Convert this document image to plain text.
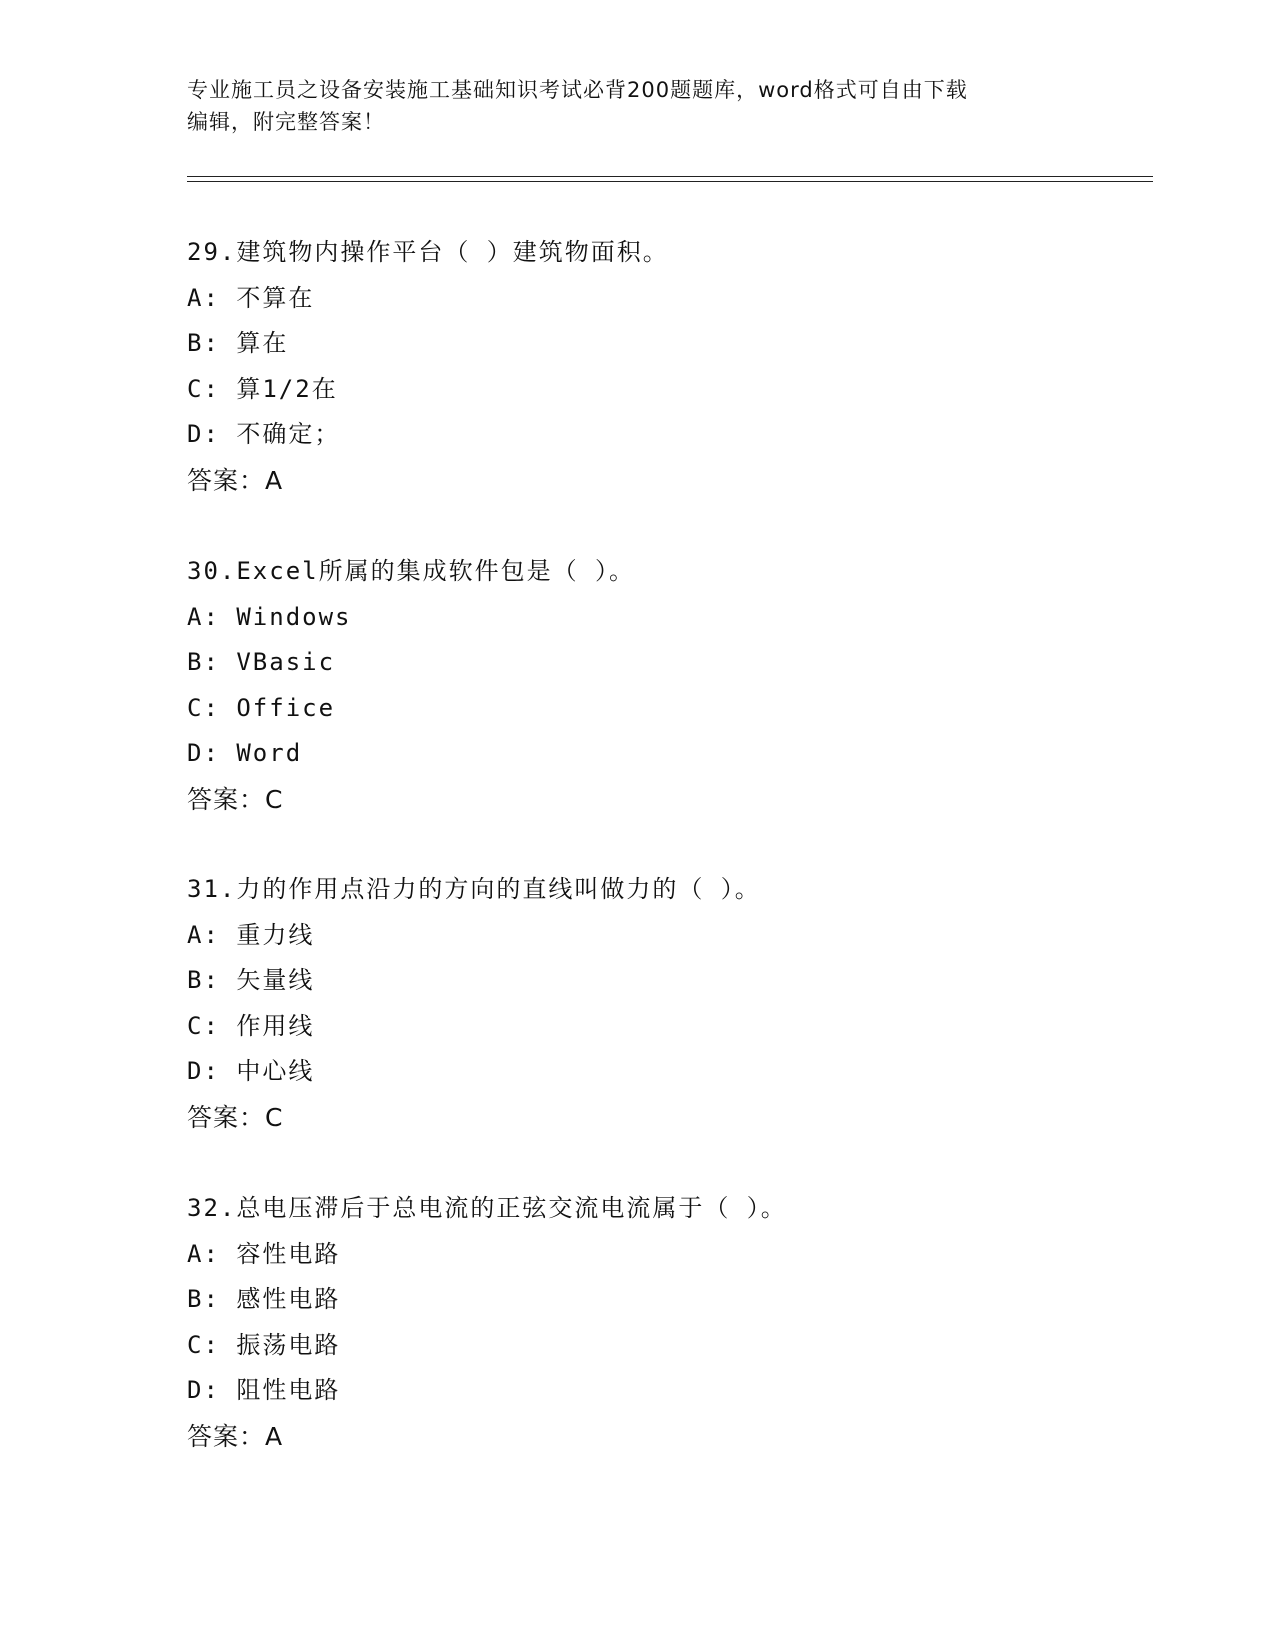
专业施工员之设备安装施工基础知识考试必背200题题库，word格式可自由下载
编辑，附完整答案！
29.建筑物内操作平台（ ）建筑物面积。
A: 不算在
B: 算在
C: 算1/2在
D: 不确定；
答案：A
30.Excel所属的集成软件包是（ ）。
A: Windows
B: VBasic
C: Office
D: Word
答案：C
31.力的作用点沿力的方向的直线叫做力的（ ）。
A: 重力线
B: 矢量线
C: 作用线
D: 中心线
答案：C
32.总电压滞后于总电流的正弦交流电流属于（ ）。
A: 容性电路
B: 感性电路
C: 振荡电路
D: 阻性电路
答案：A
